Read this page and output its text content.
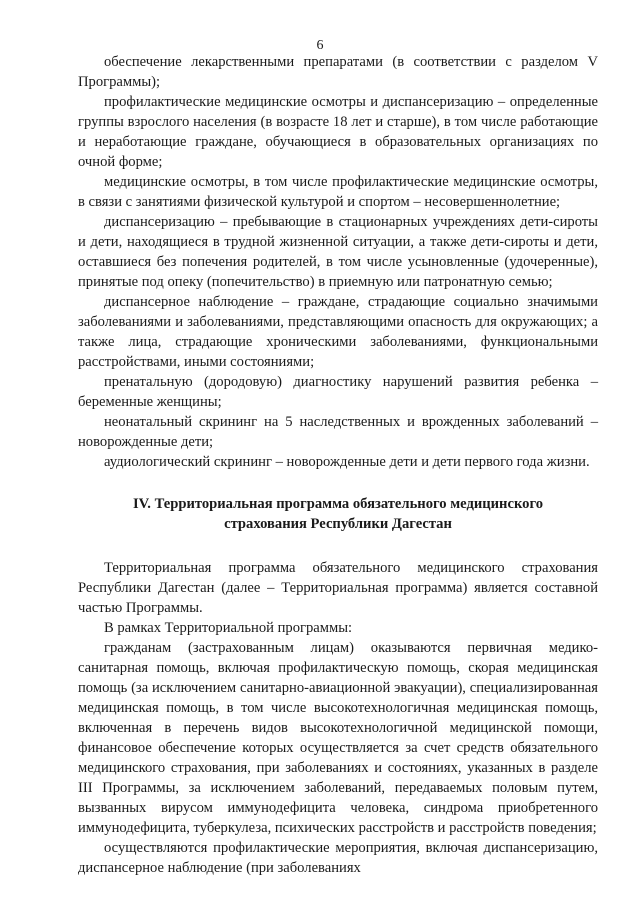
6

обеспечение лекарственными препаратами (в соответствии с разделом V Программы);

профилактические медицинские осмотры и диспансеризацию – определенные группы взрослого населения (в возрасте 18 лет и старше), в том числе работающие и неработающие граждане, обучающиеся в образовательных организациях по очной форме;

медицинские осмотры, в том числе профилактические медицинские осмотры, в связи с занятиями физической культурой и спортом – несовершеннолетние;

диспансеризацию – пребывающие в стационарных учреждениях дети-сироты и дети, находящиеся в трудной жизненной ситуации, а также дети-сироты и дети, оставшиеся без попечения родителей, в том числе усыновленные (удочеренные), принятые под опеку (попечительство) в приемную или патронатную семью;

диспансерное наблюдение – граждане, страдающие социально значимыми заболеваниями и заболеваниями, представляющими опасность для окружающих; а также лица, страдающие хроническими заболеваниями, функциональными расстройствами, иными состояниями;

пренатальную (дородовую) диагностику нарушений развития ребенка – беременные женщины;

неонатальный скрининг на 5 наследственных и врожденных заболеваний – новорожденные дети;

аудиологический скрининг – новорожденные дети и дети первого года жизни.

IV. Территориальная программа обязательного медицинского
страхования Республики Дагестан

Территориальная программа обязательного медицинского страхования Республики Дагестан (далее – Территориальная программа) является составной частью Программы.

В рамках Территориальной программы:

гражданам (застрахованным лицам) оказываются первичная медико-санитарная помощь, включая профилактическую помощь, скорая медицинская помощь (за исключением санитарно-авиационной эвакуации), специализированная медицинская помощь, в том числе высокотехнологичная медицинская помощь, включенная в перечень видов высокотехнологичной медицинской помощи, финансовое обеспечение которых осуществляется за счет средств обязательного медицинского страхования, при заболеваниях и состояниях, указанных в разделе III Программы, за исключением заболеваний, передаваемых половым путем, вызванных вирусом иммунодефицита человека, синдрома приобретенного иммунодефицита, туберкулеза, психических расстройств и расстройств поведения;

осуществляются профилактические мероприятия, включая диспансеризацию, диспансерное наблюдение (при заболеваниях
